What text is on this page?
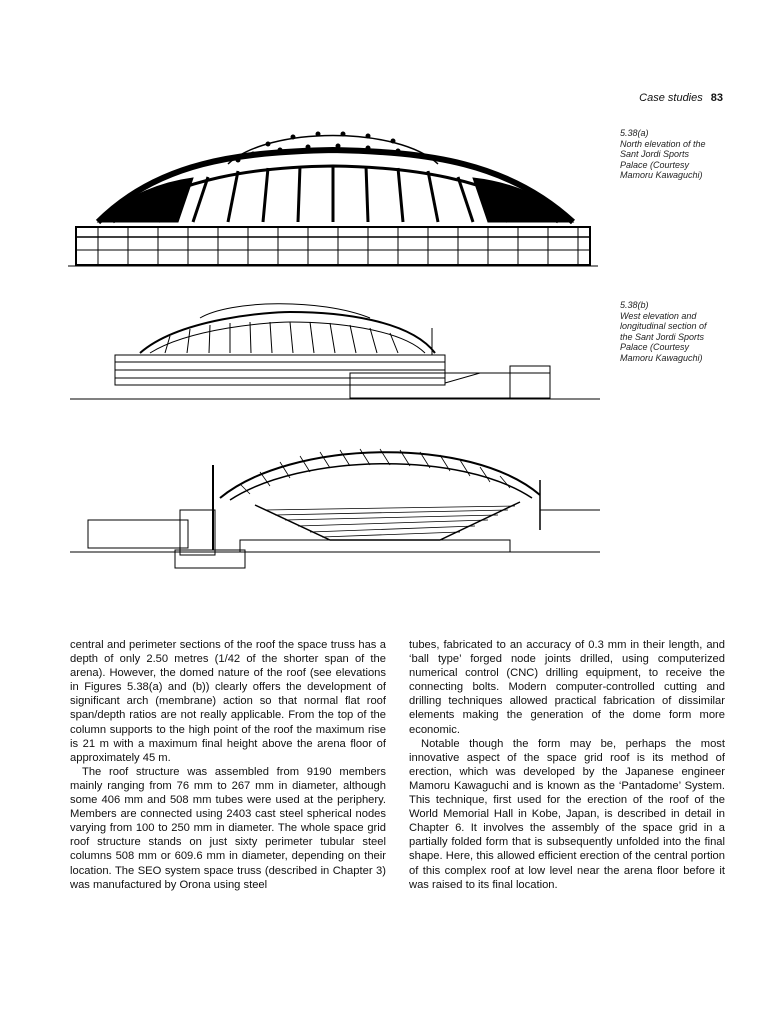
Case studies 83
5.38(a)
North elevation of the
Sant Jordi Sports
Palace (Courtesy
Mamoru Kawaguchi)
5.38(b)
West elevation and
longitudinal section of
the Sant Jordi Sports
Palace (Courtesy
Mamoru Kawaguchi)

central and perimeter sections of the roof the space truss has a depth of only 2.50 metres (1/42 of the shorter span of the arena). However, the domed nature of the roof (see elevations in Figures 5.38(a) and (b)) clearly offers the development of significant arch (membrane) action so that normal flat roof span/depth ratios are not really applicable. From the top of the column supports to the high point of the roof the maximum rise is 21 m with a maximum final height above the arena floor of approximately 45 m.

The roof structure was assembled from 9190 members mainly ranging from 76 mm to 267 mm in diameter, although some 406 mm and 508 mm tubes were used at the periphery. Members are connected using 2403 cast steel spherical nodes varying from 100 to 250 mm in diameter. The whole space grid roof structure stands on just sixty perimeter tubular steel columns 508 mm or 609.6 mm in diameter, depending on their location. The SEO system space truss (described in Chapter 3) was manufactured by Orona using steel

tubes, fabricated to an accuracy of 0.3 mm in their length, and ‘ball type’ forged node joints drilled, using computerized numerical control (CNC) drilling equipment, to receive the connecting bolts. Modern computer-controlled cutting and drilling techniques allowed practical fabrication of dissimilar elements making the generation of the dome form more economic.

Notable though the form may be, perhaps the most innovative aspect of the space grid roof is its method of erection, which was developed by the Japanese engineer Mamoru Kawaguchi and is known as the ‘Pantadome’ System. This technique, first used for the erection of the roof of the World Memorial Hall in Kobe, Japan, is described in detail in Chapter 6. It involves the assembly of the space grid in a partially folded form that is subsequently unfolded into the final shape. Here, this allowed efficient erection of the central portion of this complex roof at low level near the arena floor before it was raised to its final location.
